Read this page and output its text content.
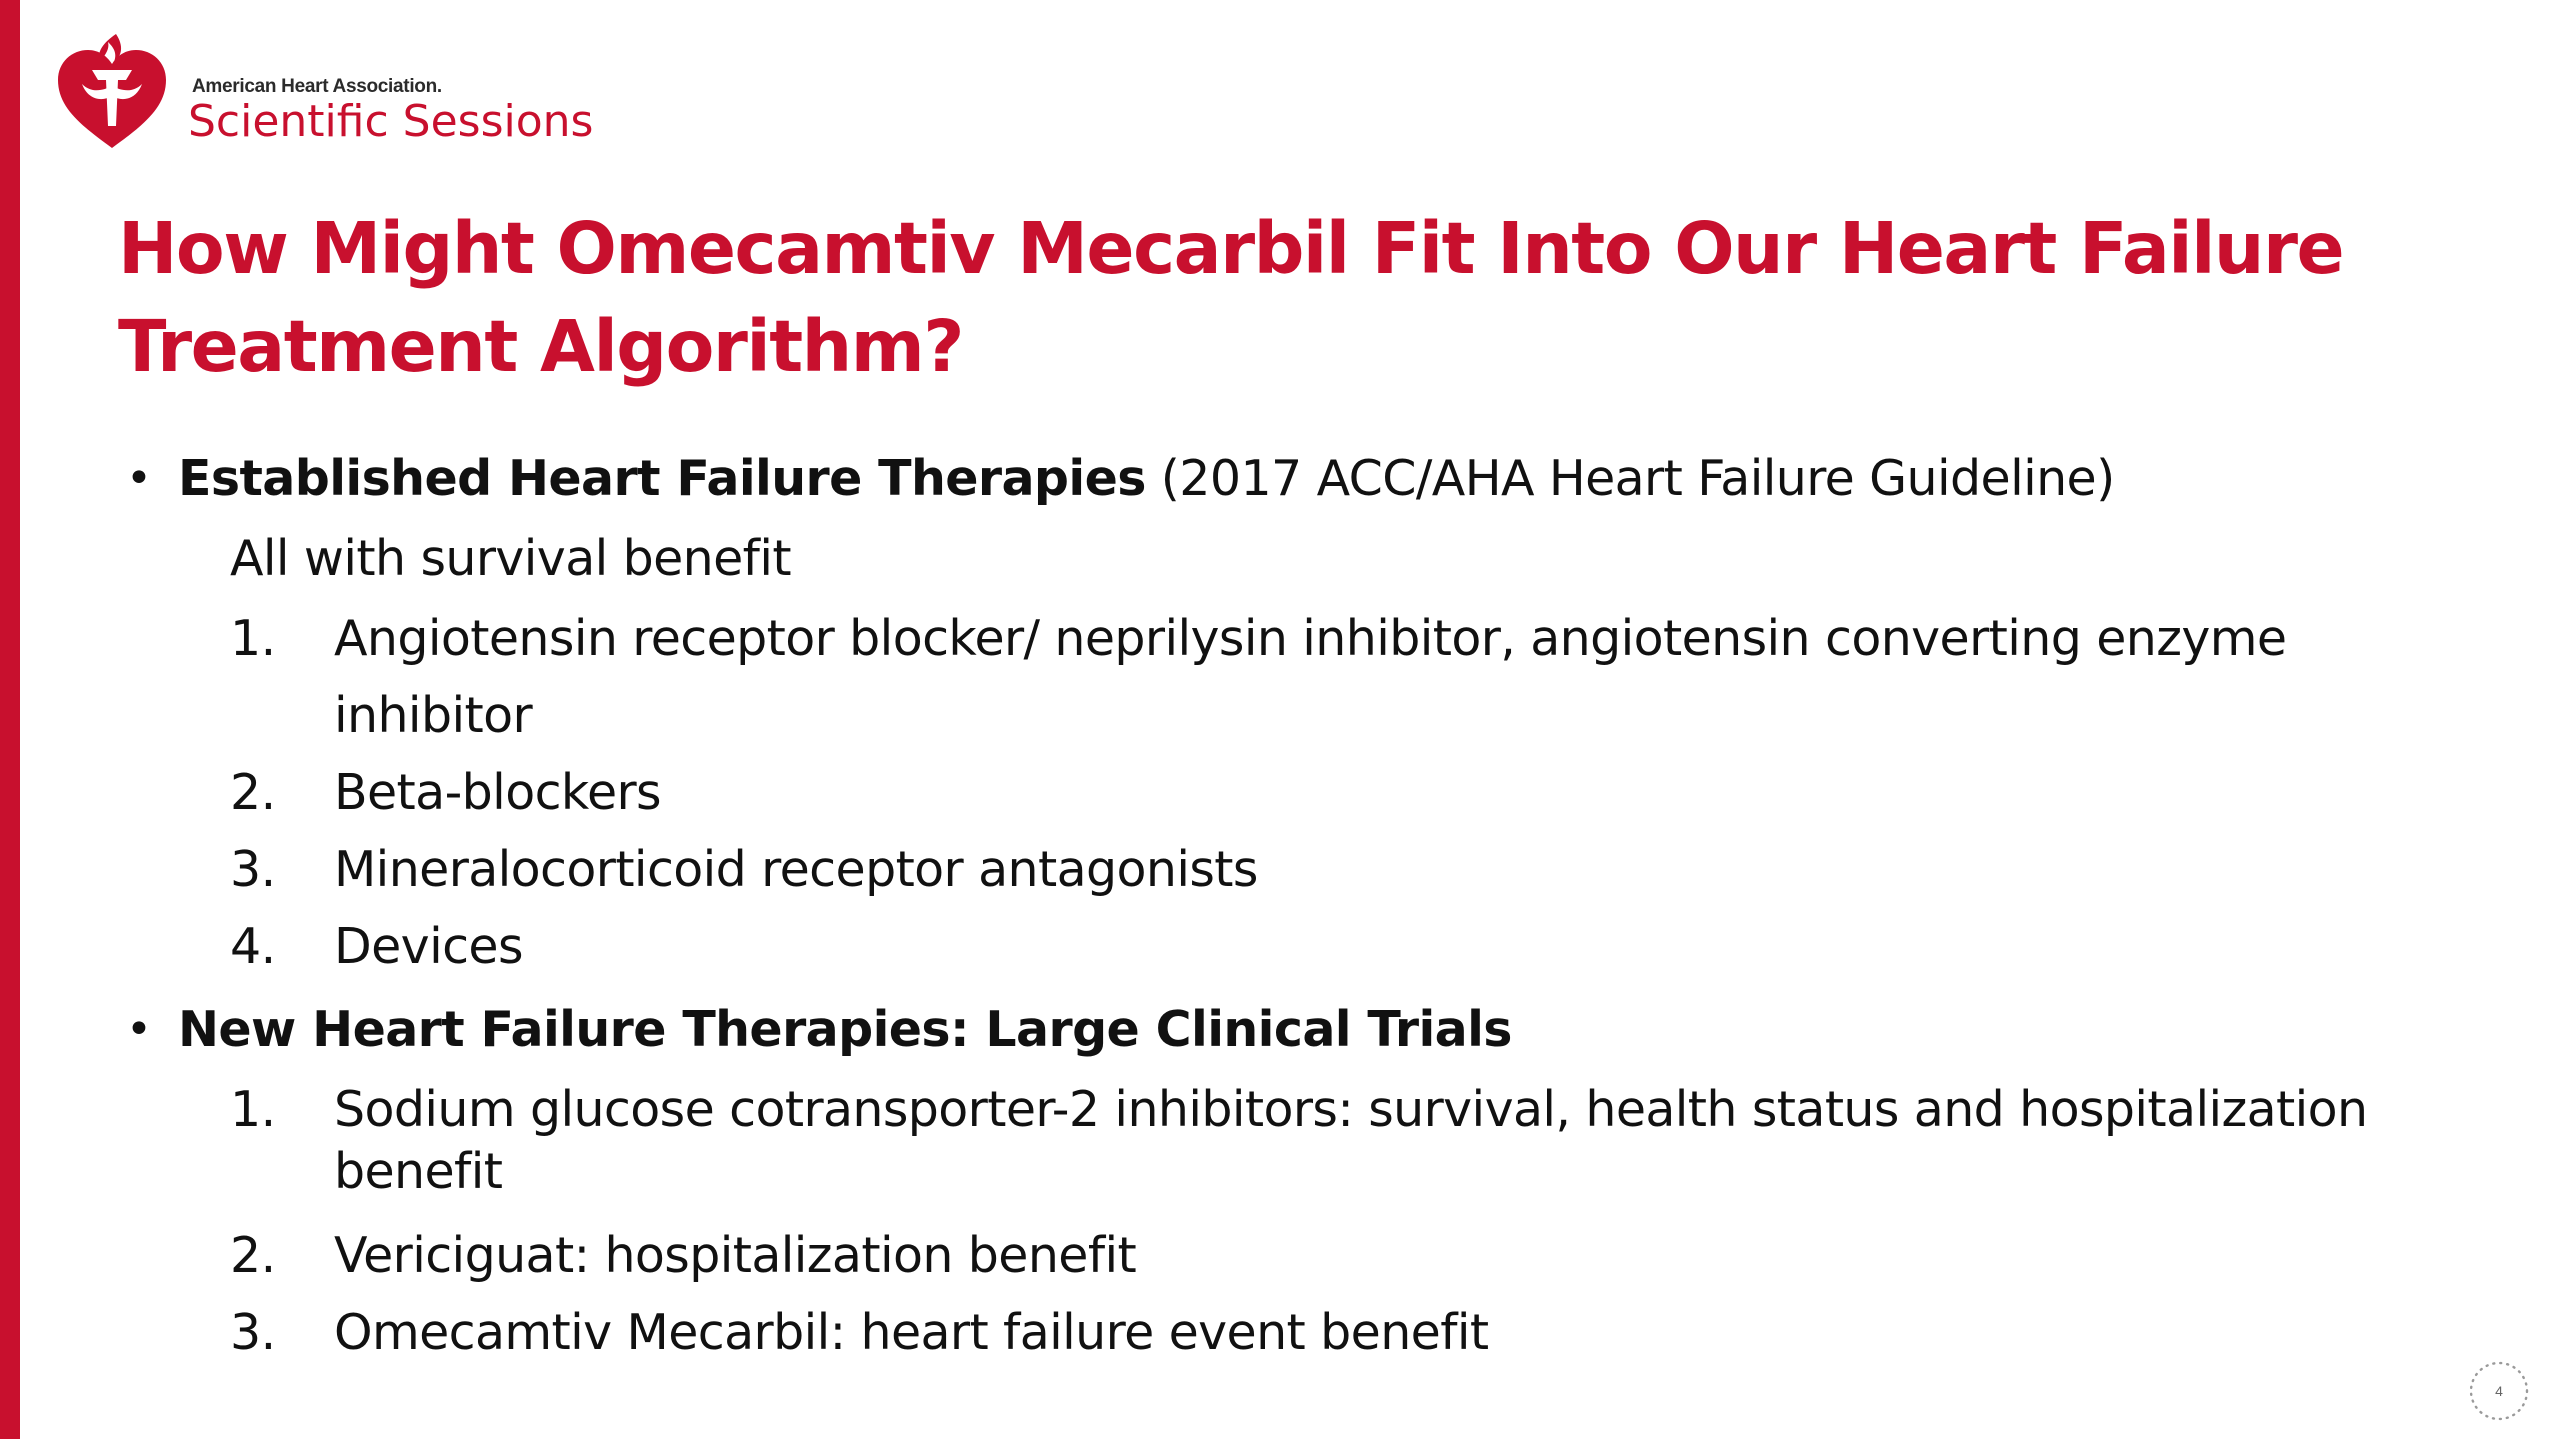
American Heart Association.
Scientific Sessions
How Might Omecamtiv Mecarbil Fit Into Our Heart Failure Treatment Algorithm?

• Established Heart Failure Therapies (2017 ACC/AHA Heart Failure Guideline)

All with survival benefit

1. Angiotensin receptor blocker/ neprilysin inhibitor, angiotensin converting enzyme inhibitor
2. Beta-blockers
3. Mineralocorticoid receptor antagonists
4. Devices

• New Heart Failure Therapies: Large Clinical Trials

1. Sodium glucose cotransporter-2 inhibitors: survival, health status and hospitalization benefit
2. Vericiguat: hospitalization benefit
3. Omecamtiv Mecarbil: heart failure event benefit
4
